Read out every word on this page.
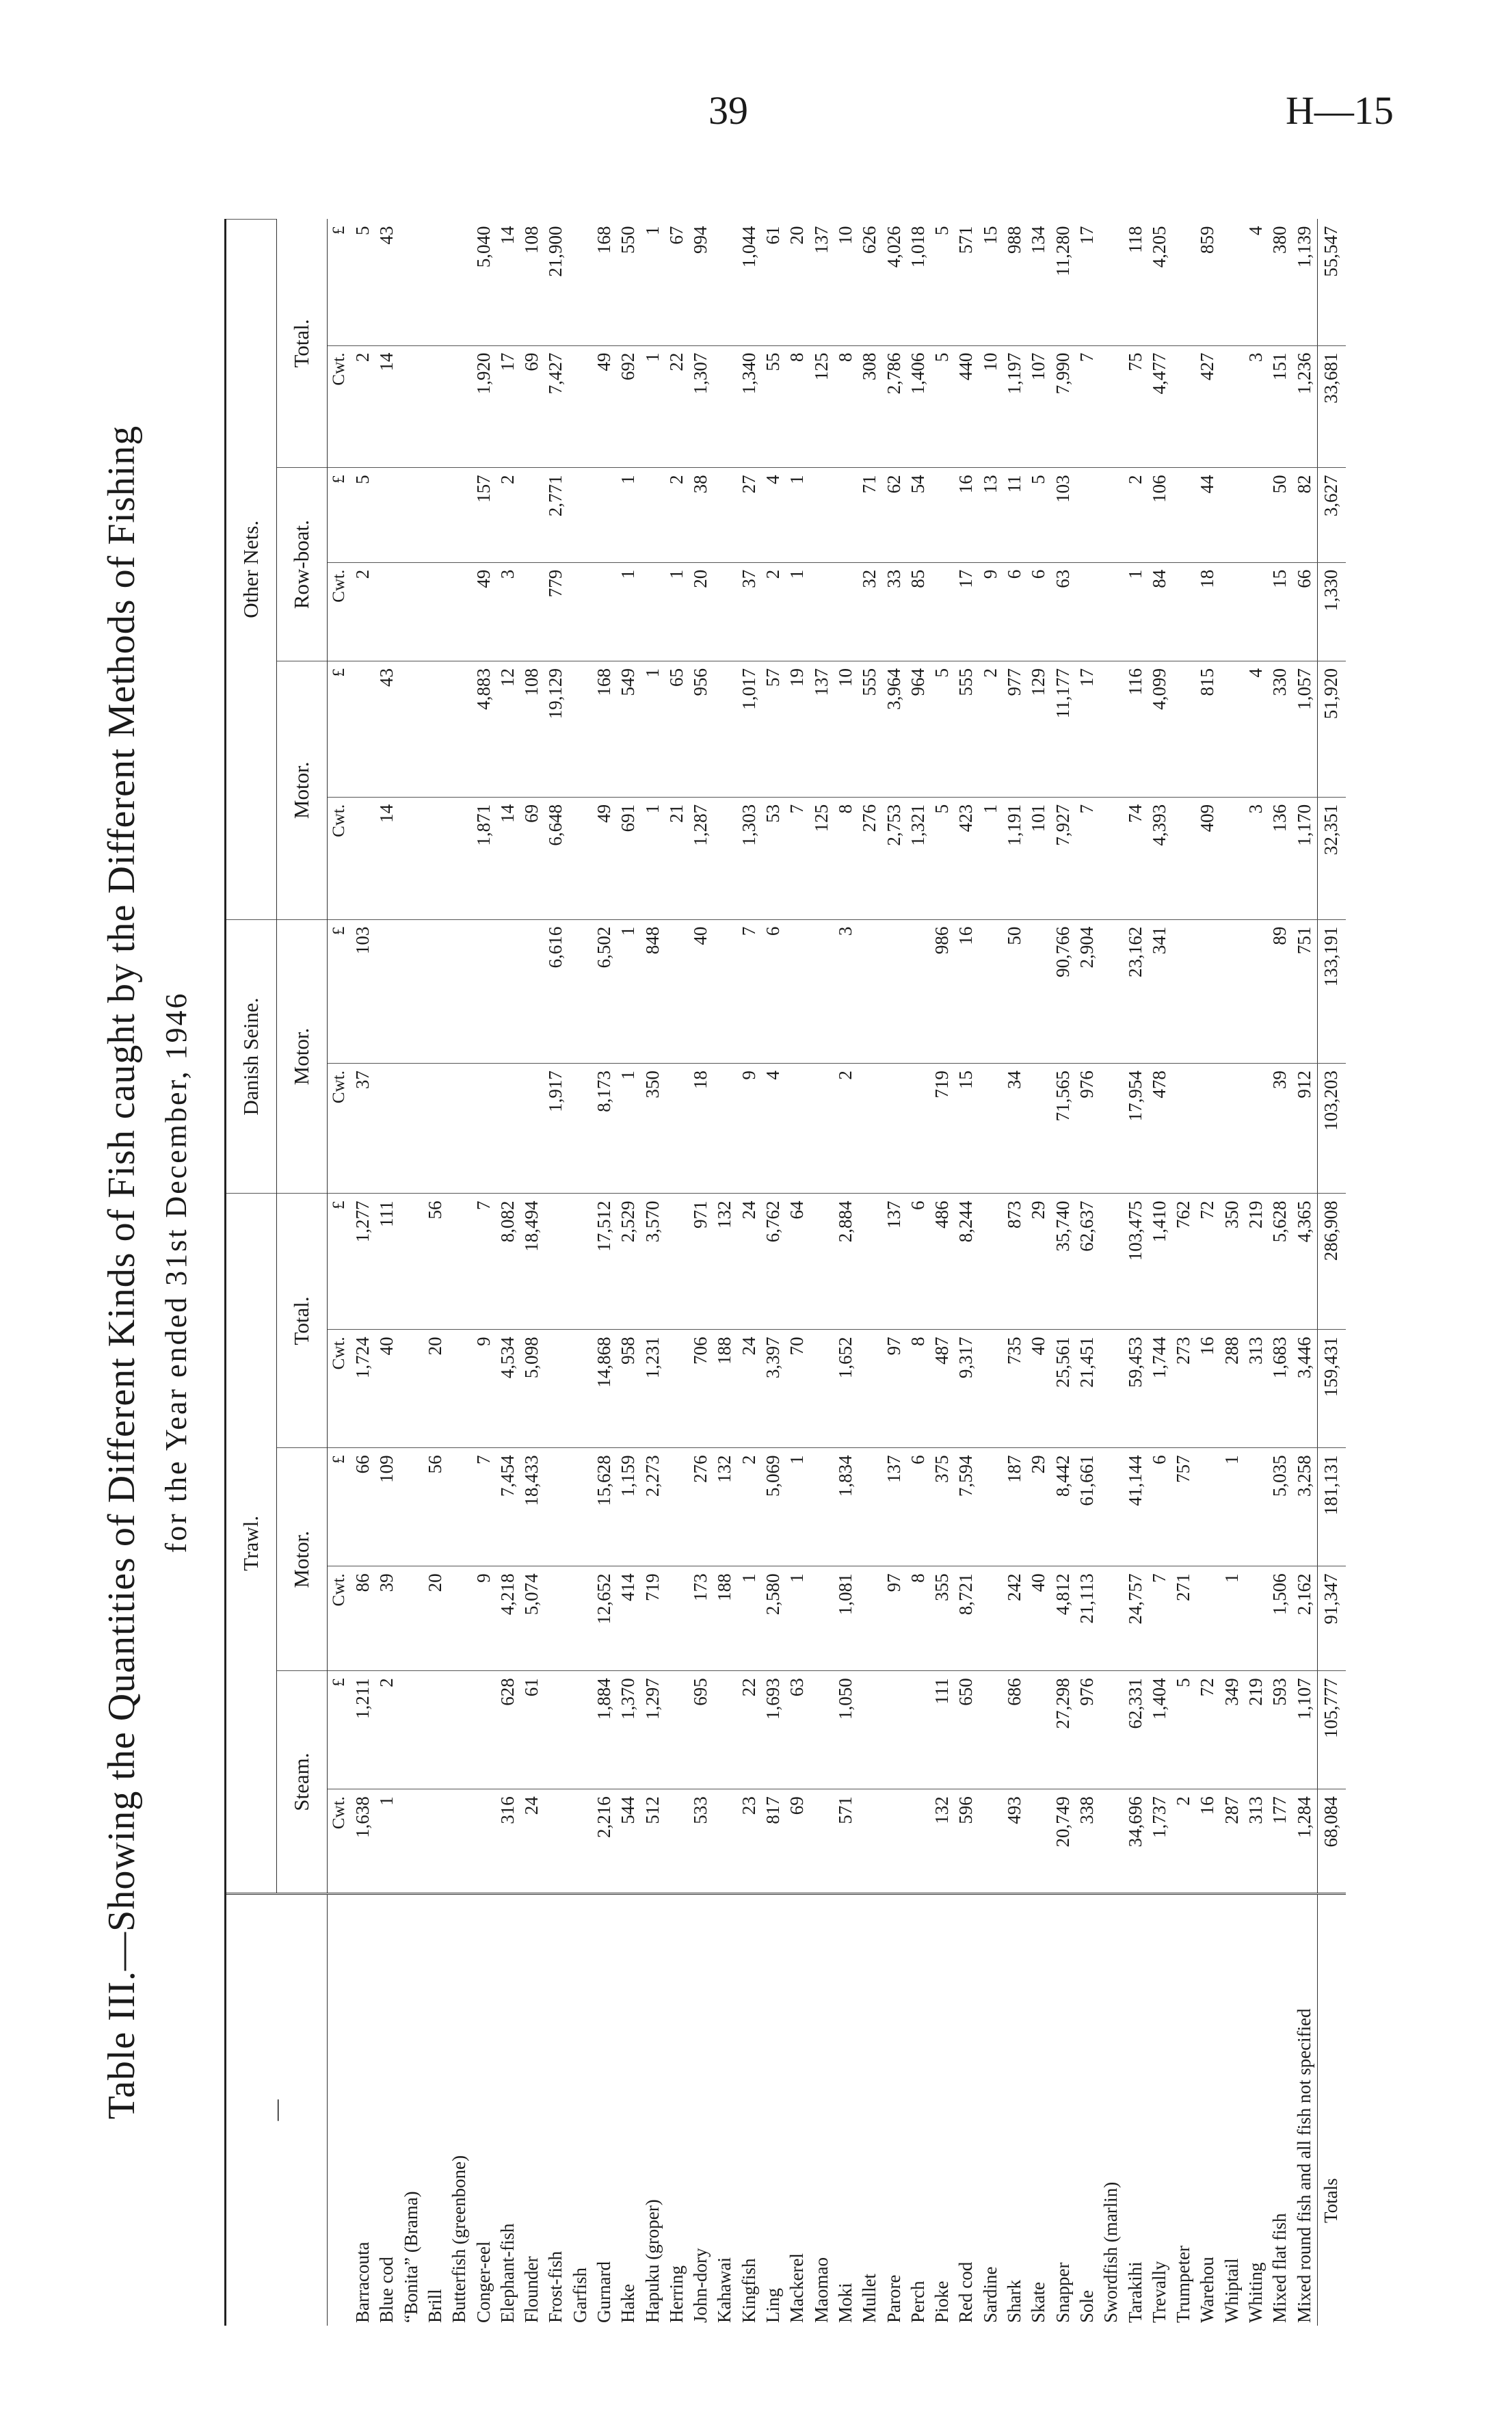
39	H—15
Table III.—Showing the Quantities of Different Kinds of Fish caught by the Different Methods of Fishing for the Year ended 31st December, 1946

—	Trawl.						Danish Seine.		Other Nets.					
	Steam.		Motor.		Total.		Motor.		Motor.		Row-boat.		Total.	
	Cwt.	£	Cwt.	£	Cwt.	£	Cwt.	£	Cwt.	£	Cwt.	£	Cwt.	£
Barracouta	1,638	1,211	86	66	1,724	1,277	37	103			2	5	2	5
Blue cod	1	2	39	109	40	111			14	43			14	43
“Bonita” (Brama)														
Brill			20	56	20	56								
Butterfish (greenbone)														
Conger-eel			9	7	9	7			1,871	4,883	49	157	1,920	5,040
Elephant-fish	316	628	4,218	7,454	4,534	8,082			14	12	3	2	17	14
Flounder	24	61	5,074	18,433	5,098	18,494			69	108			69	108
Frost-fish							1,917	6,616	6,648	19,129	779	2,771	7,427	21,900
Garfish														
Gurnard	2,216	1,884	12,652	15,628	14,868	17,512	8,173	6,502	49	168			49	168
Hake	544	1,370	414	1,159	958	2,529	1	1	691	549	1	1	692	550
Hapuku (groper)	512	1,297	719	2,273	1,231	3,570	350	848	1	1			1	1
Herring									21	65	1	2	22	67
John-dory	533	695	173	276	706	971	18	40	1,287	956	20	38	1,307	994
Kahawai			188	132	188	132								
Kingfish	23	22	1	2	24	24	9	7	1,303	1,017	37	27	1,340	1,044
Ling	817	1,693	2,580	5,069	3,397	6,762	4	6	53	57	2	4	55	61
Mackerel	69	63	1	1	70	64			7	19	1	1	8	20
Maomao									125	137			125	137
Moki	571	1,050	1,081	1,834	1,652	2,884	2	3	8	10			8	10
Mullet									276	555	32	71	308	626
Parore			97	137	97	137			2,753	3,964	33	62	2,786	4,026
Perch			8	6	8	6			1,321	964	85	54	1,406	1,018
Pioke	132	111	355	375	487	486	719	986	5	5			5	5
Red cod	596	650	8,721	7,594	9,317	8,244	15	16	423	555	17	16	440	571
Sardine									1	2	9	13	10	15
Shark	493	686	242	187	735	873	34	50	1,191	977	6	11	1,197	988
Skate			40	29	40	29			101	129	6	5	107	134
Snapper	20,749	27,298	4,812	8,442	25,561	35,740	71,565	90,766	7,927	11,177	63	103	7,990	11,280
Sole	338	976	21,113	61,661	21,451	62,637	976	2,904	7	17			7	17
Swordfish (marlin)														
Tarakihi	34,696	62,331	24,757	41,144	59,453	103,475	17,954	23,162	74	116	1	2	75	118
Trevally	1,737	1,404	7	6	1,744	1,410	478	341	4,393	4,099	84	106	4,477	4,205
Trumpeter	2	5	271	757	273	762								
Warehou	16	72			16	72			409	815	18	44	427	859
Whiptail	287	349	1	1	288	350								
Whiting	313	219			313	219			3	4			3	4
Mixed flat fish	177	593	1,506	5,035	1,683	5,628	39	89	136	330	15	50	151	380
Mixed round fish and all fish not specified	1,284	1,107	2,162	3,258	3,446	4,365	912	751	1,170	1,057	66	82	1,236	1,139
Totals	68,084	105,777	91,347	181,131	159,431	286,908	103,203	133,191	32,351	51,920	1,330	3,627	33,681	55,547
